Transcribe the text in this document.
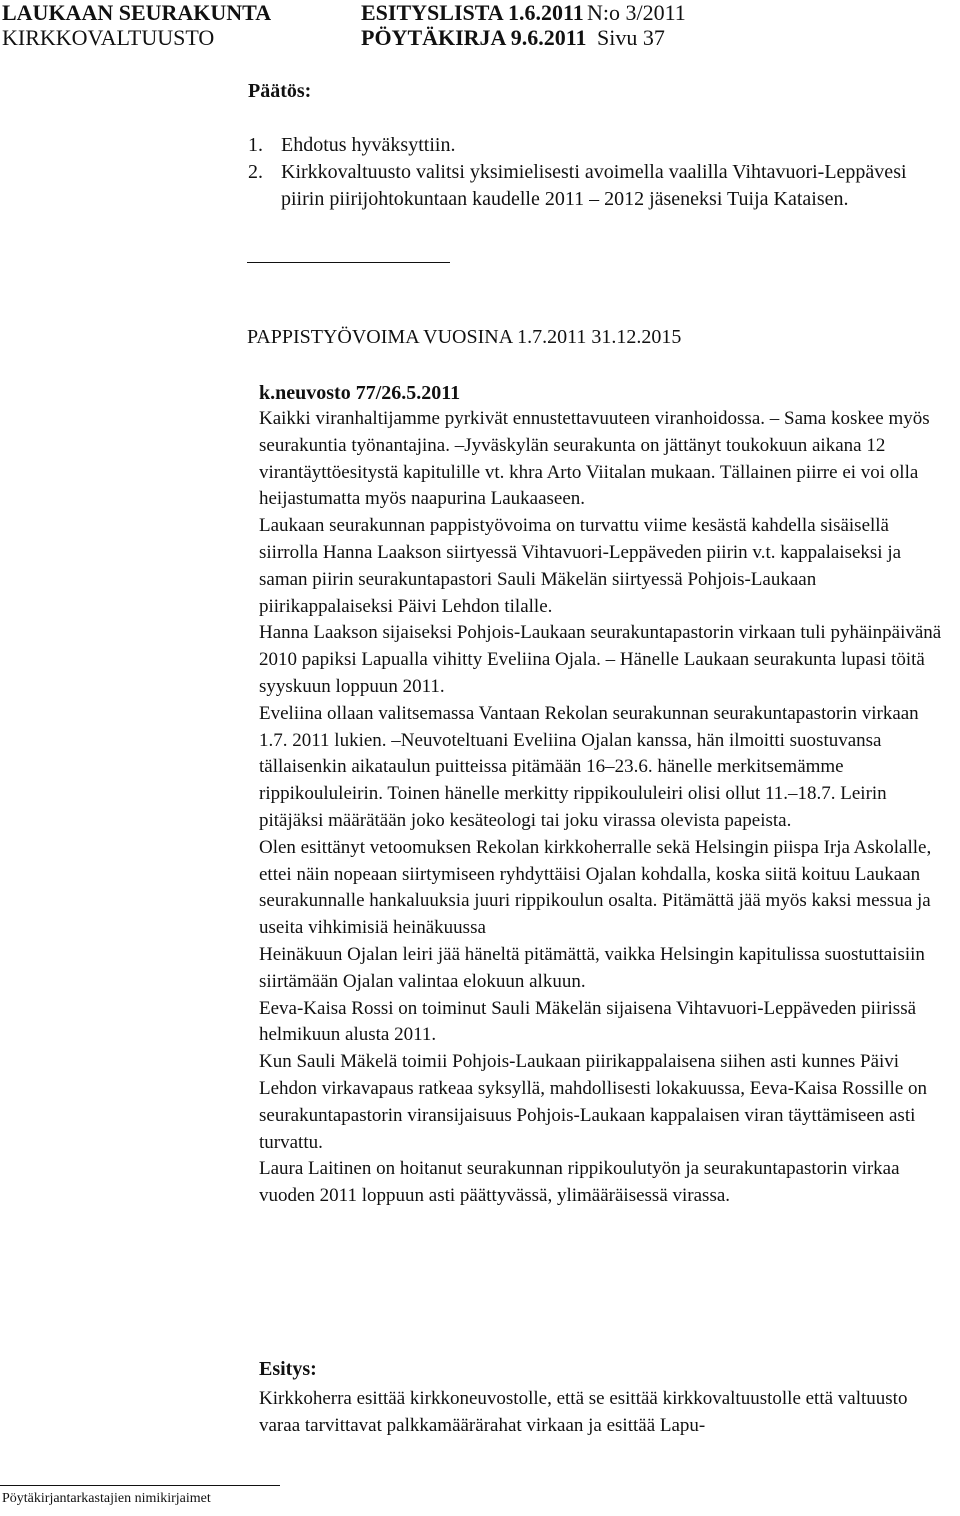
LAUKAAN SEURAKUNTA	ESITYSLISTA 1.6.2011 N:o 3/2011
KIRKKOVALTUUSTO	PÖYTÄKIRJA 9.6.2011 Sivu 37
Päätös:
1. Ehdotus hyväksyttiin.
2. Kirkkovaltuusto valitsi yksimielisesti avoimella vaalilla Vihtavuori-Leppävesi piirin piirijohtokuntaan kaudelle 2011 – 2012 jäseneksi Tuija Kataisen.
PAPPISTYÖVOIMA VUOSINA 1.7.2011 31.12.2015
k.neuvosto 77/26.5.2011

Kaikki viranhaltijamme pyrkivät ennustettavuuteen viranhoidossa. – Sama koskee myös seurakuntia työnantajina. –Jyväskylän seurakunta on jättänyt toukokuun aikana 12 virantäyttöesitystä kapitulille vt. khra Arto Viitalan mukaan. Tällainen piirre ei voi olla heijastumatta myös naapurina Laukaaseen.

Laukaan seurakunnan pappistyövoima on turvattu viime kesästä kahdella sisäisellä siirrolla Hanna Laakson siirtyessä Vihtavuori-Leppäveden piirin v.t. kappalaiseksi ja saman piirin seurakuntapastori Sauli Mäkelän siirtyessä Pohjois-Laukaan piirikappalaiseksi Päivi Lehdon tilalle.

Hanna Laakson sijaiseksi Pohjois-Laukaan seurakuntapastorin virkaan tuli pyhäinpäivänä 2010 papiksi Lapualla vihitty Eveliina Ojala. – Hänelle Laukaan seurakunta lupasi töitä syyskuun loppuun 2011.

Eveliina ollaan valitsemassa Vantaan Rekolan seurakunnan seurakuntapastorin virkaan 1.7. 2011 lukien. –Neuvoteltuani Eveliina Ojalan kanssa, hän ilmoitti suostuvansa tällaisenkin aikataulun puitteissa pitämään 16–23.6. hänelle merkitsemämme rippikoululeirin. Toinen hänelle merkitty rippikoululeiri olisi ollut 11.–18.7. Leirin pitäjäksi määrätään joko kesäteologi tai joku virassa olevista papeista.

Olen esittänyt vetoomuksen Rekolan kirkkoherralle sekä Helsingin piispa Irja Askolalle, ettei näin nopeaan siirtymiseen ryhdyttäisi Ojalan kohdalla, koska siitä koituu Laukaan seurakunnalle hankaluuksia juuri rippikoulun osalta. Pitämättä jää myös kaksi messua ja useita vihkimisiä heinäkuussa

Heinäkuun Ojalan leiri jää häneltä pitämättä, vaikka Helsingin kapitulissa suostuttaisiin siirtämään Ojalan valintaa elokuun alkuun.

Eeva-Kaisa Rossi on toiminut Sauli Mäkelän sijaisena Vihtavuori-Leppäveden piirissä helmikuun alusta 2011.

Kun Sauli Mäkelä toimii Pohjois-Laukaan piirikappalaisena siihen asti kunnes Päivi Lehdon virkavapaus ratkeaa syksyllä, mahdollisesti lokakuussa, Eeva-Kaisa Rossille on seurakuntapastorin viransijaisuus Pohjois-Laukaan kappalaisen viran täyttämiseen asti turvattu.

Laura Laitinen on hoitanut seurakunnan rippikoulutyön ja seurakuntapastorin virkaa vuoden 2011 loppuun asti päättyvässä, ylimääräisessä virassa.

Esitys:

Kirkkoherra esittää kirkkoneuvostolle, että se esittää kirkkovaltuustolle että valtuusto varaa tarvittavat palkkamäärärahat virkaan ja esittää Lapu-

Pöytäkirjantarkastajien nimikirjaimet
